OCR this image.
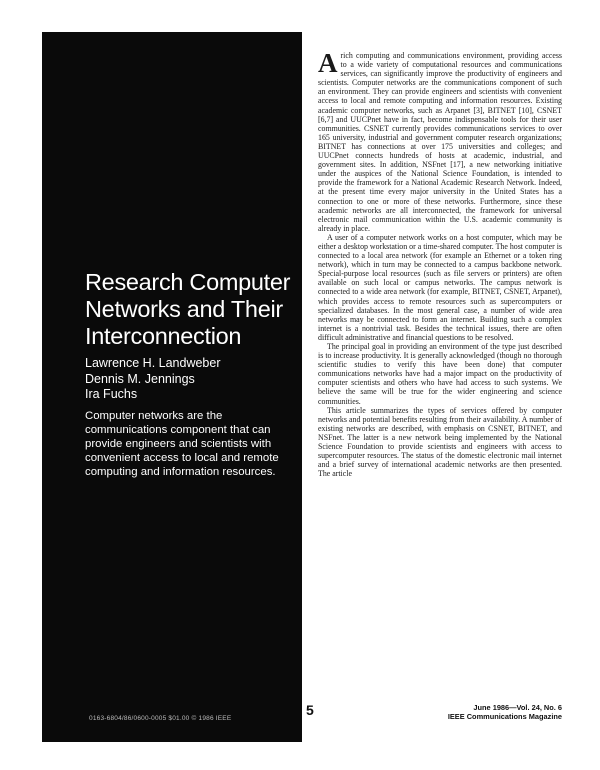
Research Computer Networks and Their Interconnection
Lawrence H. Landweber
Dennis M. Jennings
Ira Fuchs
Computer networks are the communications component that can provide engineers and scientists with convenient access to local and remote computing and information resources.
0163-6804/86/0600-0005 $01.00 © 1986 IEEE

Arich computing and communications environment, providing access to a wide variety of computational resources and communications services, can significantly improve the productivity of engineers and scientists. Computer networks are the communications component of such an environment. They can provide engineers and scientists with convenient access to local and remote computing and information resources. Existing academic computer networks, such as Arpanet [3], BITNET [10], CSNET [6,7] and UUCPnet have in fact, become indispensable tools for their user communities. CSNET currently provides communications services to over 165 university, industrial and government computer research organizations; BITNET has connections at over 175 universities and colleges; and UUCPnet connects hundreds of hosts at academic, industrial, and government sites. In addition, NSFnet [17], a new networking initiative under the auspices of the National Science Foundation, is intended to provide the framework for a National Academic Research Network. Indeed, at the present time every major university in the United States has a connection to one or more of these networks. Furthermore, since these academic networks are all interconnected, the framework for universal electronic mail communication within the U.S. academic community is already in place.

A user of a computer network works on a host computer, which may be either a desktop workstation or a time-shared computer. The host computer is connected to a local area network (for example an Ethernet or a token ring network), which in turn may be connected to a campus backbone network. Special-purpose local resources (such as file servers or printers) are often available on such local or campus networks. The campus network is connected to a wide area network (for example, BITNET, CSNET, Arpanet), which provides access to remote resources such as supercomputers or specialized databases. In the most general case, a number of wide area networks may be connected to form an internet. Building such a complex internet is a nontrivial task. Besides the technical issues, there are often difficult administrative and financial questions to be resolved.

The principal goal in providing an environment of the type just described is to increase productivity. It is generally acknowledged (though no thorough scientific studies to verify this have been done) that computer communications networks have had a major impact on the productivity of computer scientists and others who have had access to such systems. We believe the same will be true for the wider engineering and science communities.

This article summarizes the types of services offered by computer networks and potential benefits resulting from their availability. A number of existing networks are described, with emphasis on CSNET, BITNET, and NSFnet. The latter is a new network being implemented by the National Science Foundation to provide scientists and engineers with access to supercomputer resources. The status of the domestic electronic mail internet and a brief survey of international academic networks are then presented. The article

5	June 1986—Vol. 24, No. 6
IEEE Communications Magazine
